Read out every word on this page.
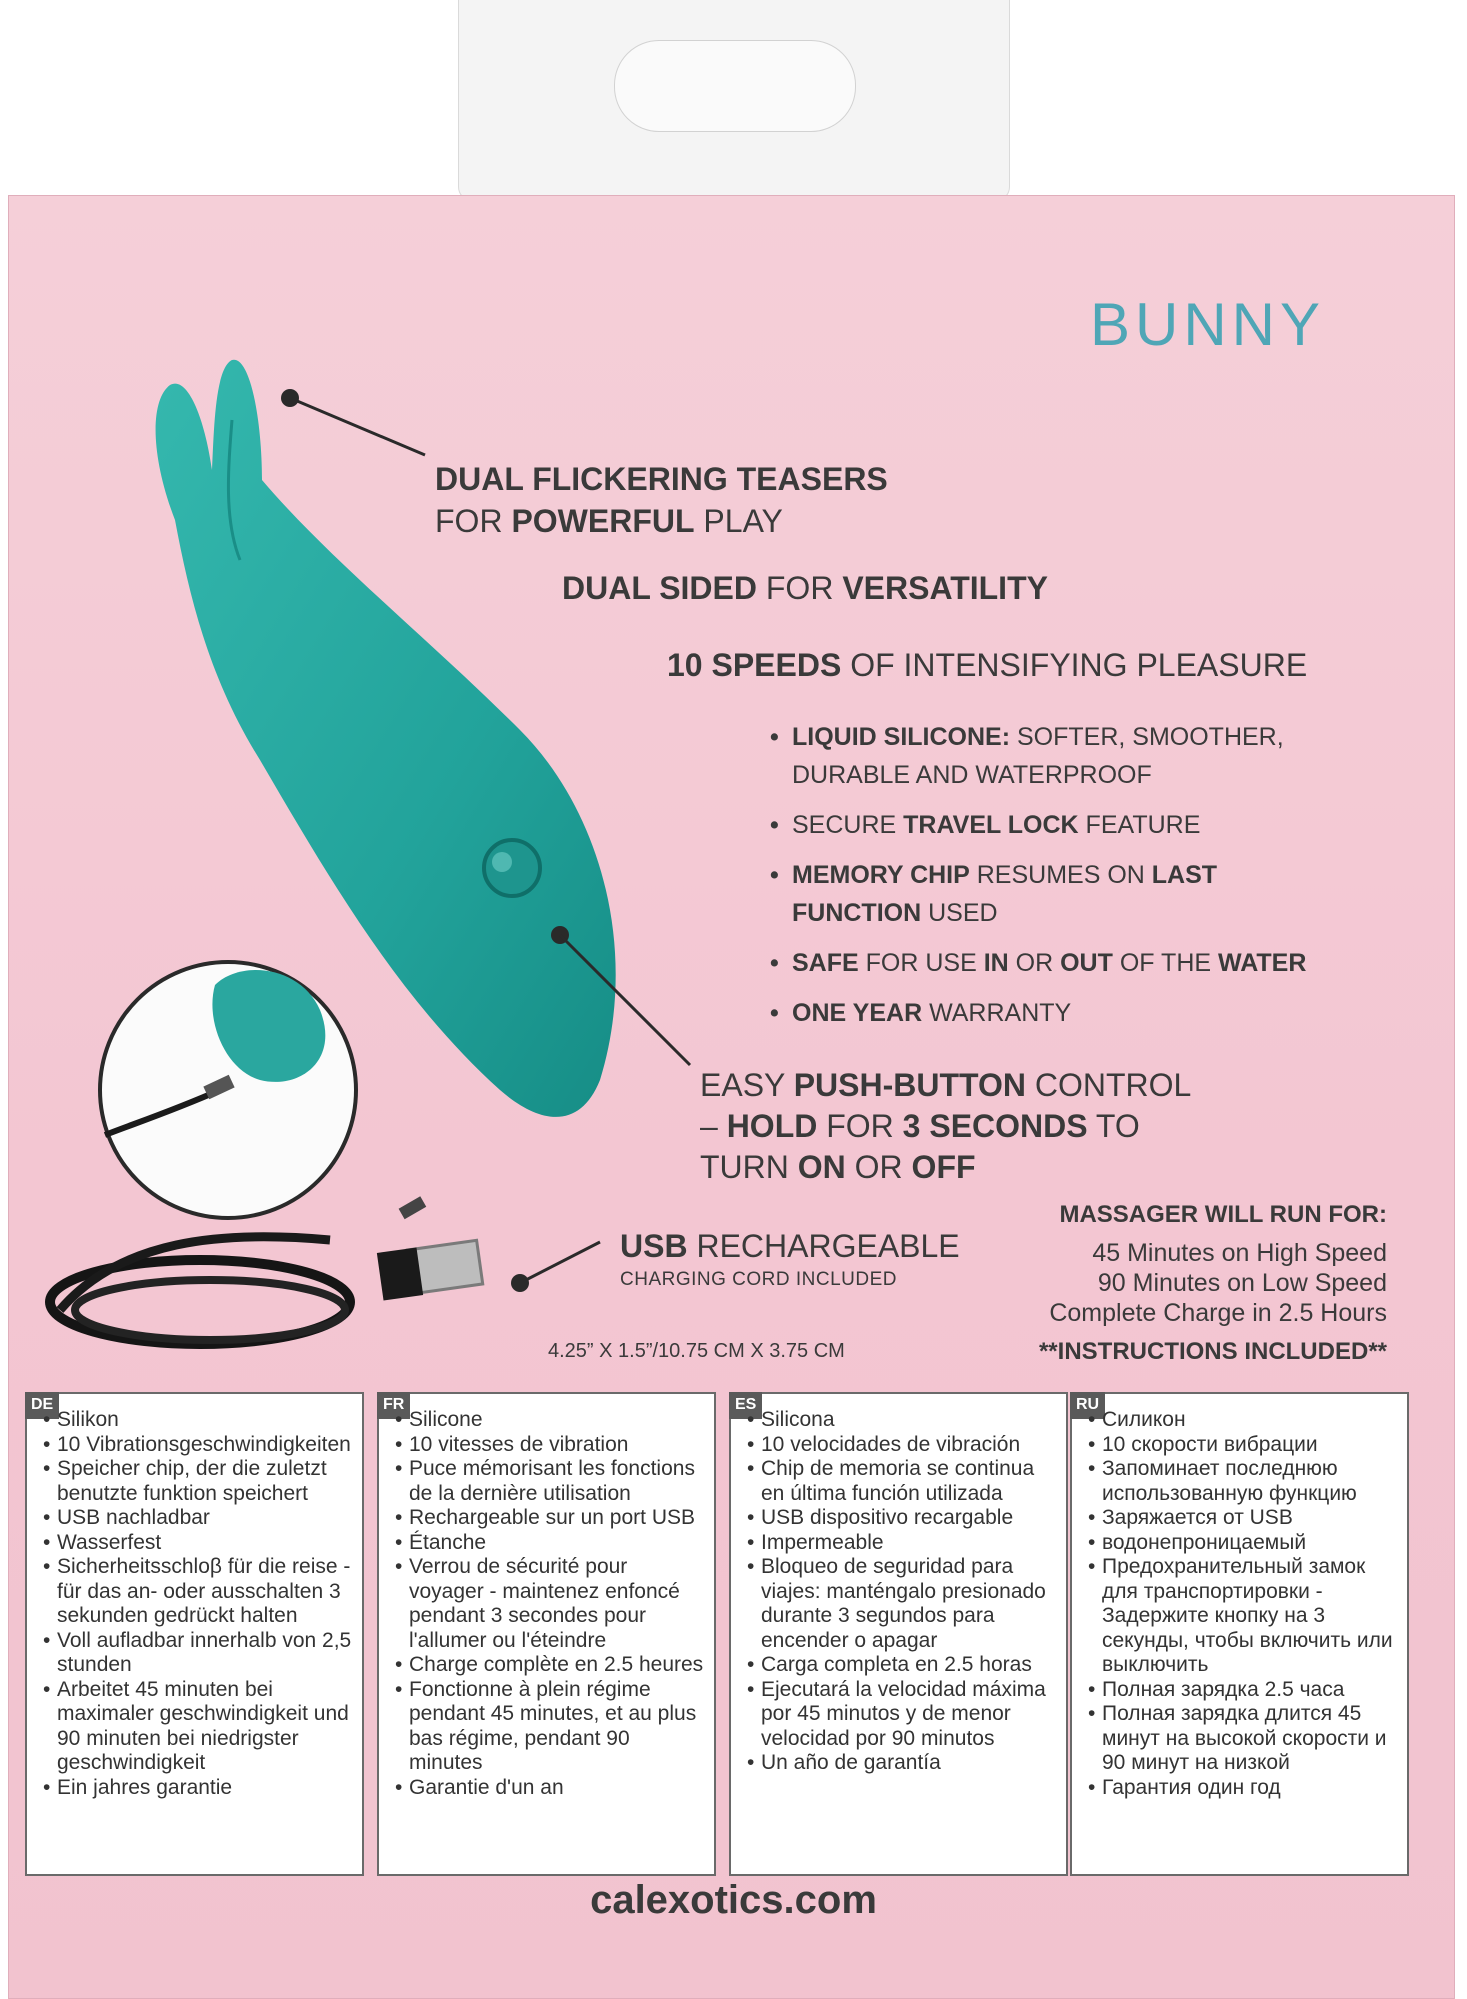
BUNNY
DUAL FLICKERING TEASERS
FOR POWERFUL PLAY
DUAL SIDED FOR VERSATILITY
10 SPEEDS OF INTENSIFYING PLEASURE
• LIQUID SILICONE: SOFTER, SMOOTHER,
DURABLE AND WATERPROOF
• SECURE TRAVEL LOCK FEATURE
• MEMORY CHIP RESUMES ON LAST
FUNCTION USED
• SAFE FOR USE IN OR OUT OF THE WATER
• ONE YEAR WARRANTY
EASY PUSH-BUTTON CONTROL
– HOLD FOR 3 SECONDS TO
TURN ON OR OFF
USB RECHARGEABLE
CHARGING CORD INCLUDED
MASSAGER WILL RUN FOR:
45 Minutes on High Speed
90 Minutes on Low Speed
Complete Charge in 2.5 Hours
4.25” X 1.5”/10.75 CM X 3.75 CM	**INSTRUCTIONS INCLUDED**
DE
• Silikon
• 10 Vibrationsgeschwindigkeiten
• Speicher chip, der die zuletzt benutzte funktion speichert
• USB nachladbar
• Wasserfest
• Sicherheitsschloβ für die reise - für das an- oder ausschalten 3 sekunden gedrückt halten
• Voll aufladbar innerhalb von 2,5 stunden
• Arbeitet 45 minuten bei maximaler geschwindigkeit und 90 minuten bei niedrigster geschwindigkeit
• Ein jahres garantie
FR
• Silicone
• 10 vitesses de vibration
• Puce mémorisant les fonctions de la dernière utilisation
• Rechargeable sur un port USB
• Étanche
• Verrou de sécurité pour voyager - maintenez enfoncé pendant 3 secondes pour l'allumer ou l'éteindre
• Charge complète en 2.5 heures
• Fonctionne à plein régime pendant 45 minutes, et au plus bas régime, pendant 90 minutes
• Garantie d'un an
ES
• Silicona
• 10 velocidades de vibración
• Chip de memoria se continua en última función utilizada
• USB dispositivo recargable
• Impermeable
• Bloqueo de seguridad para viajes: manténgalo presionado durante 3 segundos para encender o apagar
• Carga completa en 2.5 horas
• Ejecutará la velocidad máxima por 45 minutos y de menor velocidad por 90 minutos
• Un año de garantía
RU
• Силикон
• 10 скорости вибрации
• Запоминает последнюю использованную функцию
• Заряжается от USB
• водонепроницаемый
• Предохранительный замок для транспортировки - Задержите кнопку на 3 секунды, чтобы включить или выключить
• Полная зарядка 2.5 часа
• Полная зарядка длится 45 минут на высокой скорости и 90 минут на низкой
• Гарантия один год
calexotics.com
